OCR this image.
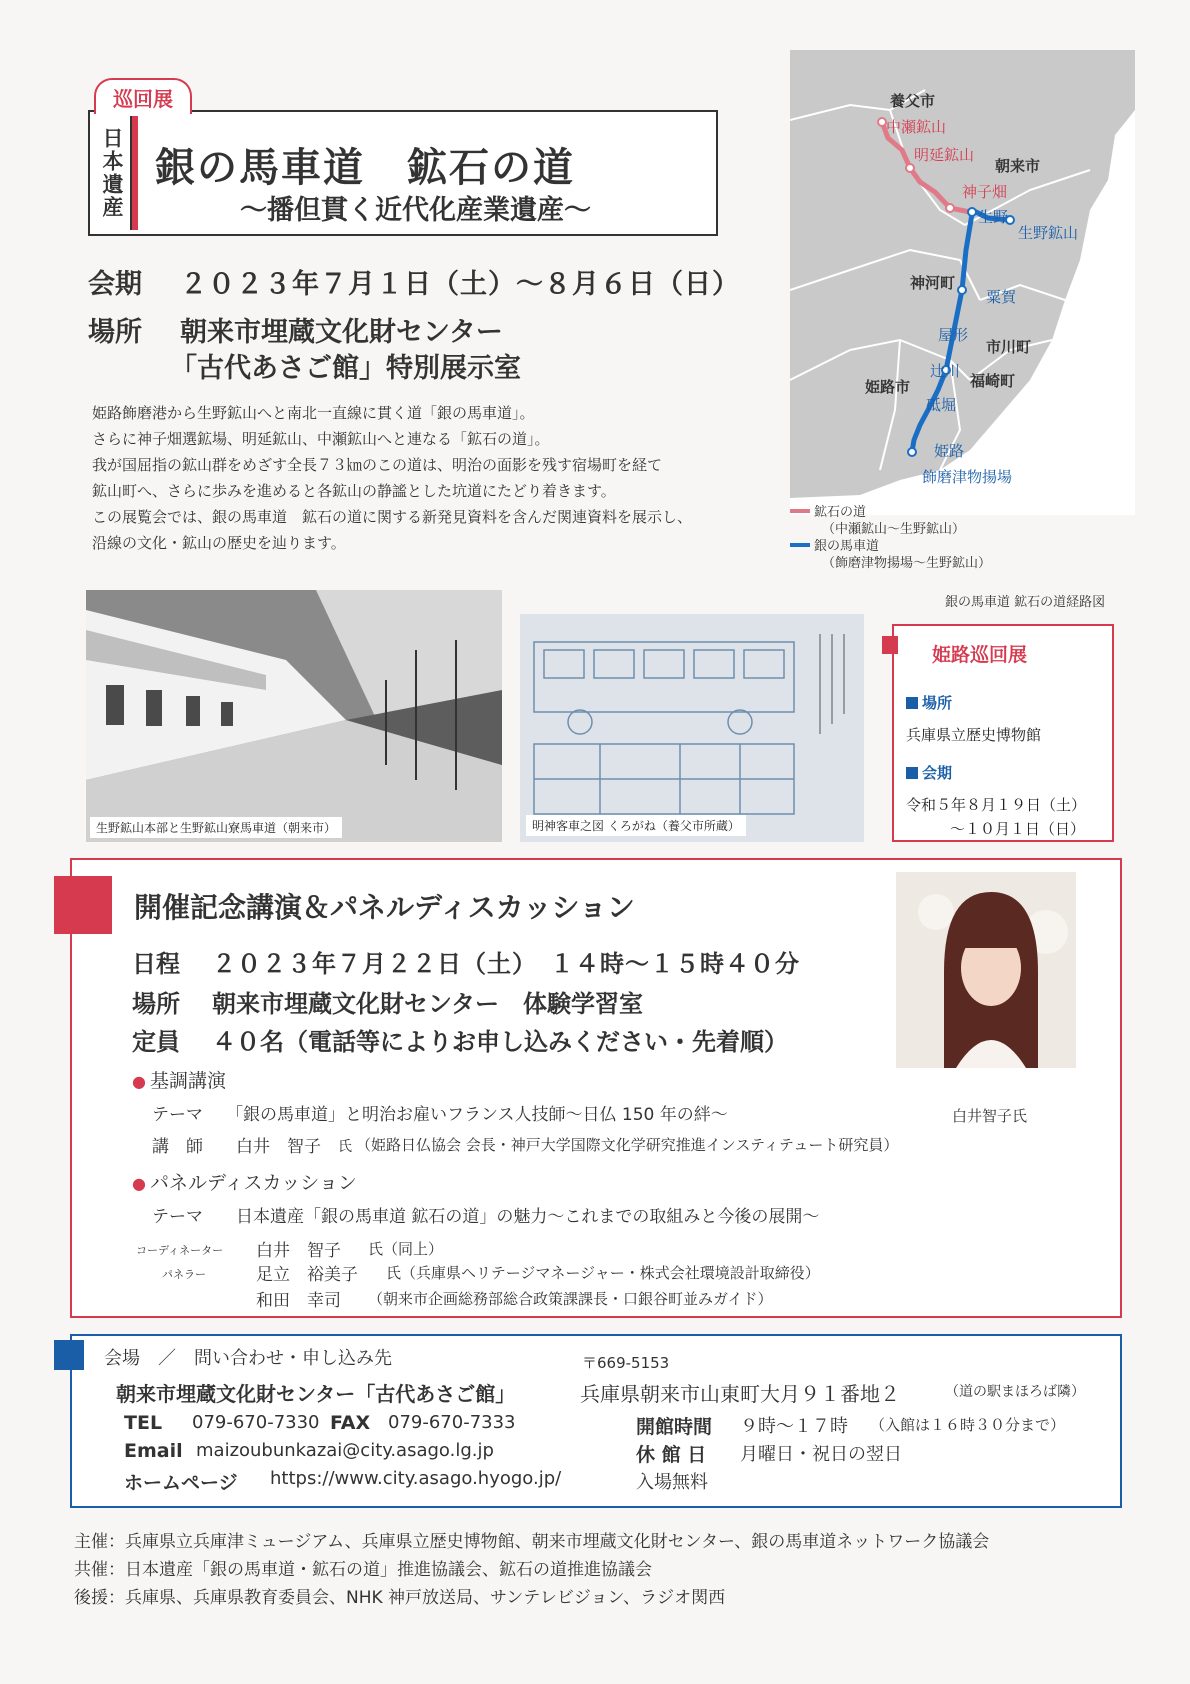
日本遺産 銀の馬車道　鉱石の道
〜播但貫く近代化産業遺産〜
巡回展
会期 ２０２３年７月１日（土）〜８月６日（日）
場所 朝来市埋蔵文化財センター
「古代あさご館」特別展示室
姫路飾磨港から生野鉱山へと南北一直線に貫く道「銀の馬車道」。
さらに神子畑選鉱場、明延鉱山、中瀬鉱山へと連なる「鉱石の道」。
我が国屈指の鉱山群をめざす全長７３㎞のこの道は、明治の面影を残す宿場町を経て
鉱山町へ、さらに歩みを進めると各鉱山の静謐とした坑道にたどり着きます。
この展覧会では、銀の馬車道　鉱石の道に関する新発見資料を含んだ関連資料を展示し、
沿線の文化・鉱山の歴史を辿ります。
養父市
中瀬鉱山
明延鉱山
朝来市
神子畑
生野
生野鉱山
神河町
粟賀
屋形
市川町
辻川
姫路市	福崎町
砥堀
姫路
飾磨津物揚場
鉱石の道
（中瀬鉱山〜生野鉱山）
銀の馬車道
（飾磨津物揚場〜生野鉱山）
銀の馬車道 鉱石の道経路図
生野鉱山本部と生野鉱山寮馬車道（朝来市）	明神客車之図 くろがね（養父市所蔵）
姫路巡回展
場所
兵庫県立歴史博物館
会期
令和５年８月１９日（土）
〜１０月１日（日）
開催記念講演＆パネルディスカッション
日程 ２０２３年７月２２日（土）　１４時〜１５時４０分
場所 朝来市埋蔵文化財センター　体験学習室
定員 ４０名（電話等によりお申し込みください・先着順）
● 基調講演
テーマ 「銀の馬車道」と明治お雇いフランス人技師〜日仏 150 年の絆〜
講　師 白井　智子 氏 （姫路日仏協会 会長・神戸大学国際文化学研究推進インスティテュート研究員）
● パネルディスカッション
テーマ 日本遺産「銀の馬車道 鉱石の道」の魅力〜これまでの取組みと今後の展開〜
コーディネーター 白井　智子 氏（同上）
パネラー	足立　裕美子 氏（兵庫県ヘリテージマネージャー・株式会社環境設計取締役）
和田　幸司 （朝来市企画総務部総合政策課課長・口銀谷町並みガイド）
白井智子氏
会場　／　問い合わせ・申し込み先	〒669-5153
朝来市埋蔵文化財センター「古代あさご館」	兵庫県朝来市山東町大月９１番地２	（道の駅まほろば隣）
TEL 079-670-7330 FAX 079-670-7333
Email maizoubunkazai@city.asago.lg.jp
ホームページ https://www.city.asago.hyogo.jp/
開館時間 ９時〜１７時 （入館は１６時３０分まで）
休 館 日 月曜日・祝日の翌日
入場無料
主催：兵庫県立兵庫津ミュージアム、兵庫県立歴史博物館、朝来市埋蔵文化財センター、銀の馬車道ネットワーク協議会
共催：日本遺産「銀の馬車道・鉱石の道」推進協議会、鉱石の道推進協議会
後援：兵庫県、兵庫県教育委員会、NHK 神戸放送局、サンテレビジョン、ラジオ関西
